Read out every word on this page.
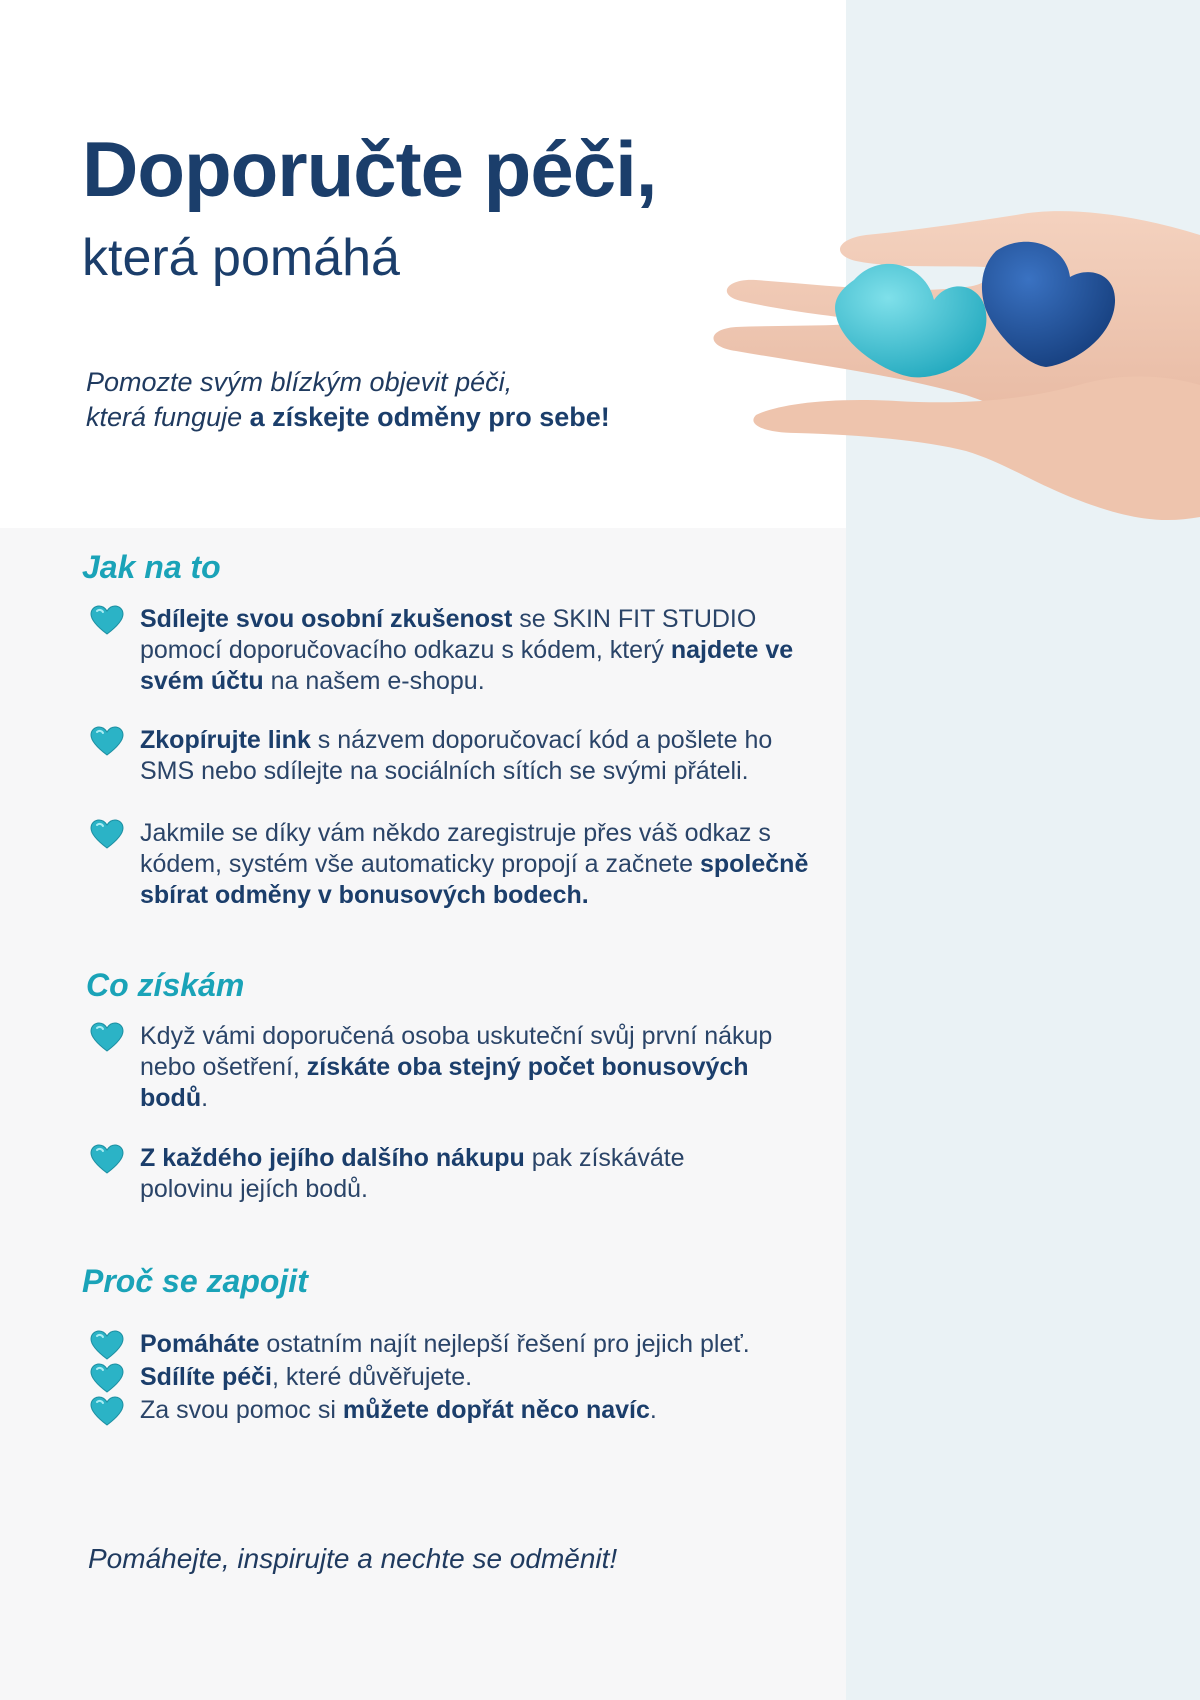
Doporučte péči,
která pomáhá
Pomozte svým blízkým objevit péči,
která funguje a získejte odměny pro sebe!
Jak na to
Sdílejte svou osobní zkušenost se SKIN FIT STUDIO pomocí doporučovacího odkazu s kódem, který najdete ve svém účtu na našem e-shopu.
Zkopírujte link s názvem doporučovací kód a pošlete ho SMS nebo sdílejte na sociálních sítích se svými přáteli.
Jakmile se díky vám někdo zaregistruje přes váš odkaz s kódem, systém vše automaticky propojí a začnete společně sbírat odměny v bonusových bodech.
Co získám
Když vámi doporučená osoba uskuteční svůj první nákup nebo ošetření, získáte oba stejný počet bonusových bodů.
Z každého jejího dalšího nákupu pak získáváte polovinu jejích bodů.
Proč se zapojit
Pomáháte ostatním najít nejlepší řešení pro jejich pleť.
Sdílíte péči, které důvěřujete.
Za svou pomoc si můžete dopřát něco navíc.

Pomáhejte, inspirujte a nechte se odměnit!
